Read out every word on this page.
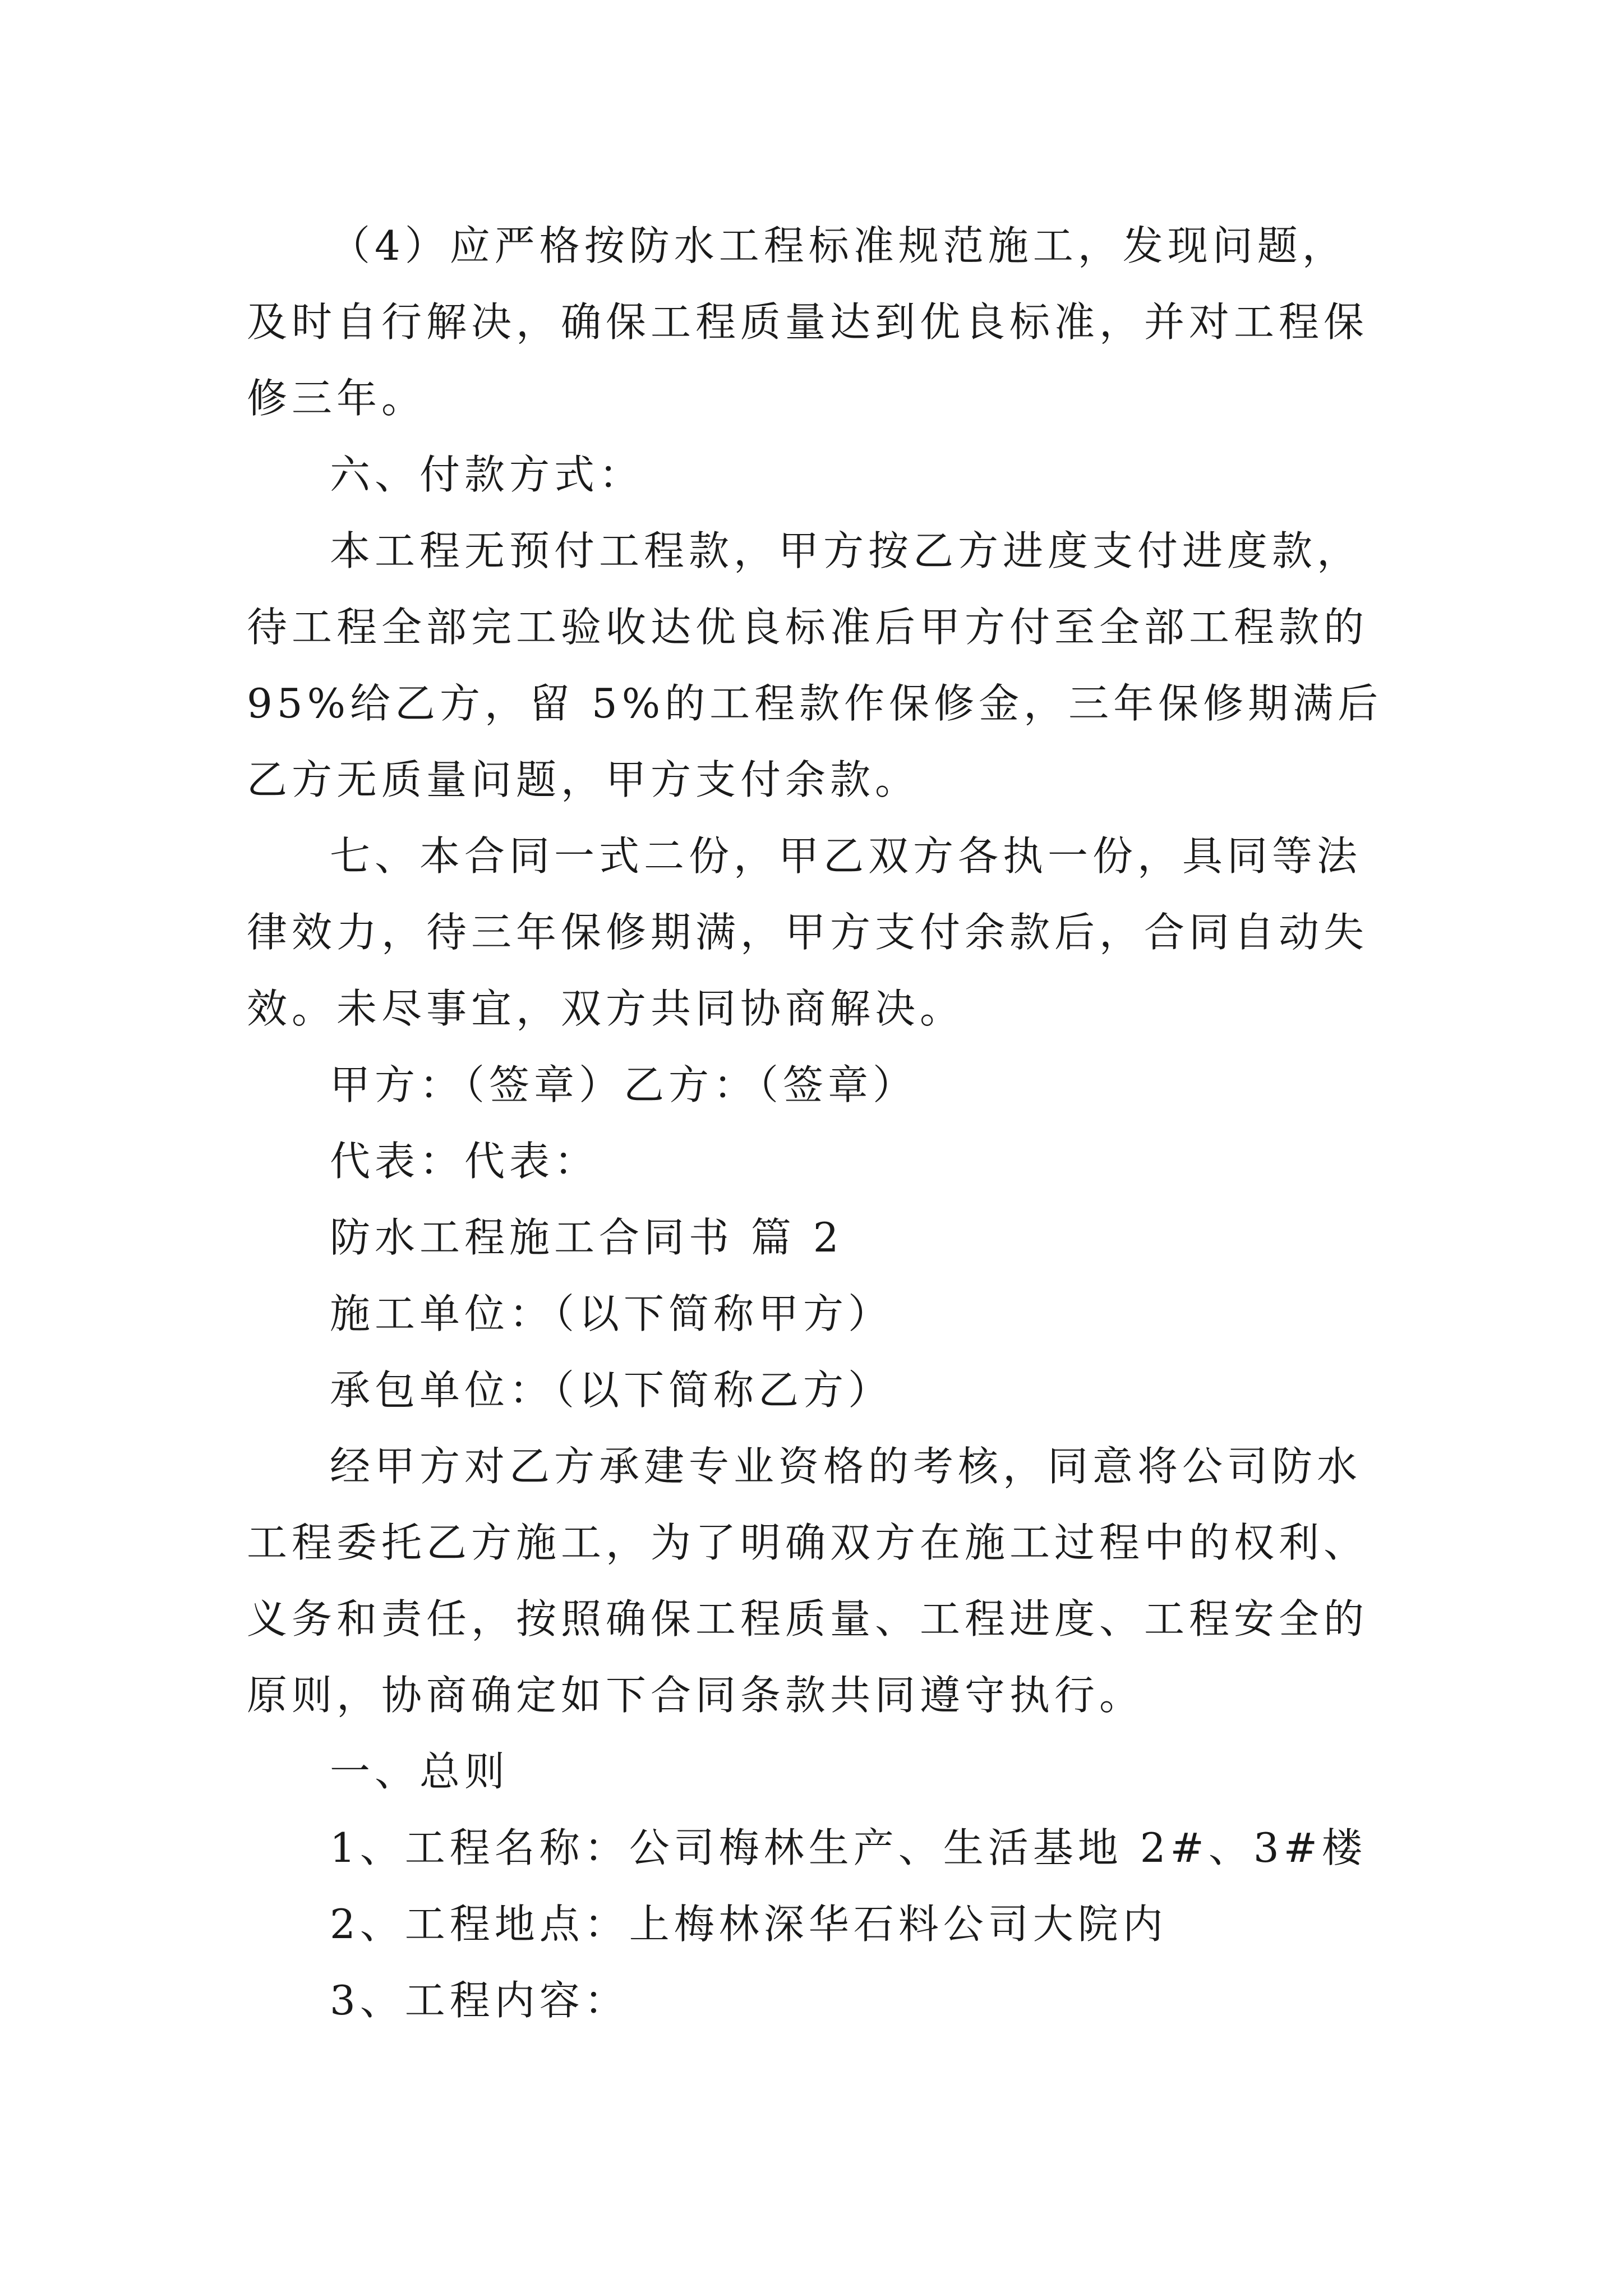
（4）应严格按防水工程标准规范施工，发现问题，及时自行解决，确保工程质量达到优良标准，并对工程保修三年。

六、付款方式：

本工程无预付工程款，甲方按乙方进度支付进度款，待工程全部完工验收达优良标准后甲方付至全部工程款的 95%给乙方，留 5%的工程款作保修金，三年保修期满后乙方无质量问题，甲方支付余款。

七、本合同一式二份，甲乙双方各执一份，具同等法律效力，待三年保修期满，甲方支付余款后，合同自动失效。未尽事宜，双方共同协商解决。

甲方：（签章）乙方：（签章）

代表：代表：

防水工程施工合同书 篇 2

施工单位：（以下简称甲方）

承包单位：（以下简称乙方）

经甲方对乙方承建专业资格的考核，同意将公司防水工程委托乙方施工，为了明确双方在施工过程中的权利、义务和责任，按照确保工程质量、工程进度、工程安全的原则，协商确定如下合同条款共同遵守执行。

一、总则

1、工程名称：公司梅林生产、生活基地 2#、3#楼

2、工程地点：上梅林深华石料公司大院内

3、工程内容：
